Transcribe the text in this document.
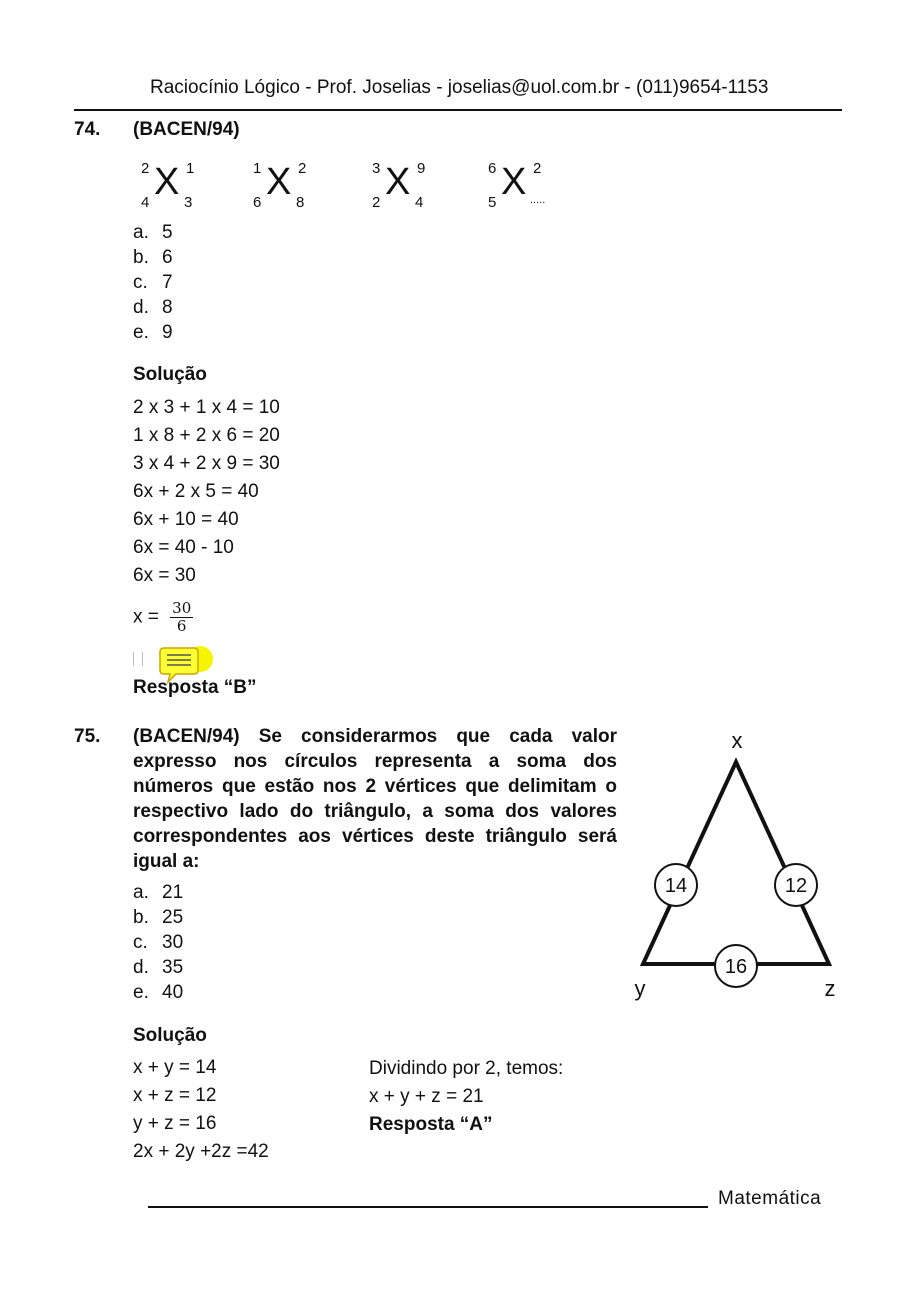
Raciocínio Lógico - Prof. Joselias - joselias@uol.com.br - (011)9654-1153
74. (BACEN/94)
2 1
X
4 3
1 2
X
6 8
3 9
X
2 4
6 2
X
5	.....
a. 5
b. 6
c. 7
d. 8
e. 9
Solução
2 x 3 + 1 x 4 = 10
1 x 8 + 2 x 6 = 20
3 x 4 + 2 x 9 = 30
6x + 2 x 5 = 40
6x + 10 = 40
6x = 40 - 10
6x = 30
$x = \frac{30}{6}$
Resposta “B”
75. (BACEN/94) Se considerarmos que cada valor expresso nos círculos representa a soma dos números que estão nos 2 vértices que delimitam o respectivo lado do triângulo, a soma dos valores correspondentes aos vértices deste triângulo será igual a:
a. 21
b. 25
c. 30
d. 35
e. 40
x
y	z
14	12
16
Solução
x + y = 14
x + z = 12
y + z = 16
2x + 2y +2z =42
Dividindo por 2, temos:
x + y + z = 21
Resposta “A”
Matemática
